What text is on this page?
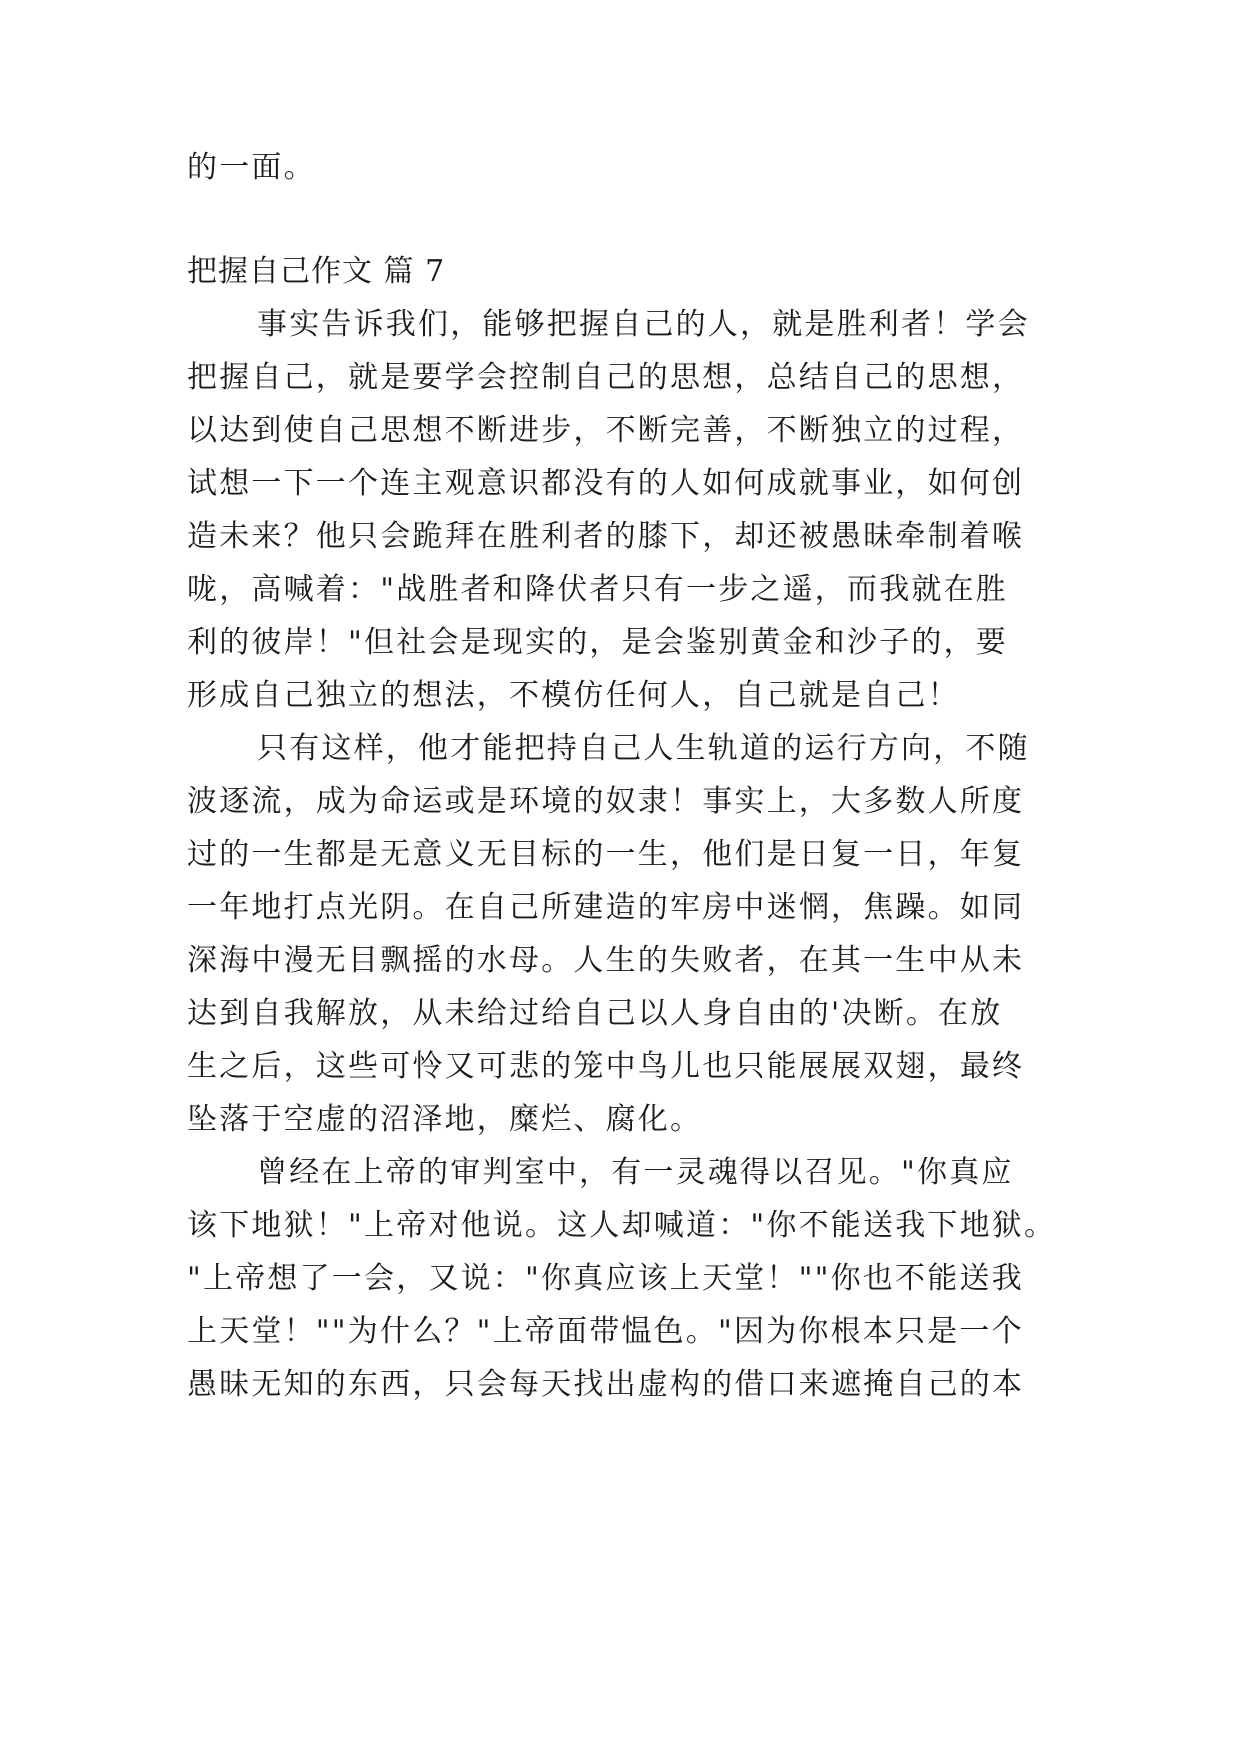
的一面。
把握自己作文 篇 7
事实告诉我们，能够把握自己的人，就是胜利者！学会
把握自己，就是要学会控制自己的思想，总结自己的思想，
以达到使自己思想不断进步，不断完善，不断独立的过程，
试想一下一个连主观意识都没有的人如何成就事业，如何创
造未来？他只会跪拜在胜利者的膝下，却还被愚昧牵制着喉
咙，高喊着："战胜者和降伏者只有一步之遥，而我就在胜
利的彼岸！"但社会是现实的，是会鉴别黄金和沙子的，要
形成自己独立的想法，不模仿任何人，自己就是自己！
只有这样，他才能把持自己人生轨道的运行方向，不随
波逐流，成为命运或是环境的奴隶！事实上，大多数人所度
过的一生都是无意义无目标的一生，他们是日复一日，年复
一年地打点光阴。在自己所建造的牢房中迷惘，焦躁。如同
深海中漫无目飘摇的水母。人生的失败者，在其一生中从未
达到自我解放，从未给过给自己以人身自由的'决断。在放
生之后，这些可怜又可悲的笼中鸟儿也只能展展双翅，最终
坠落于空虚的沼泽地，糜烂、腐化。
曾经在上帝的审判室中，有一灵魂得以召见。"你真应
该下地狱！"上帝对他说。这人却喊道："你不能送我下地狱。
"上帝想了一会，又说："你真应该上天堂！""你也不能送我
上天堂！""为什么？"上帝面带愠色。"因为你根本只是一个
愚昧无知的东西，只会每天找出虚构的借口来遮掩自己的本
